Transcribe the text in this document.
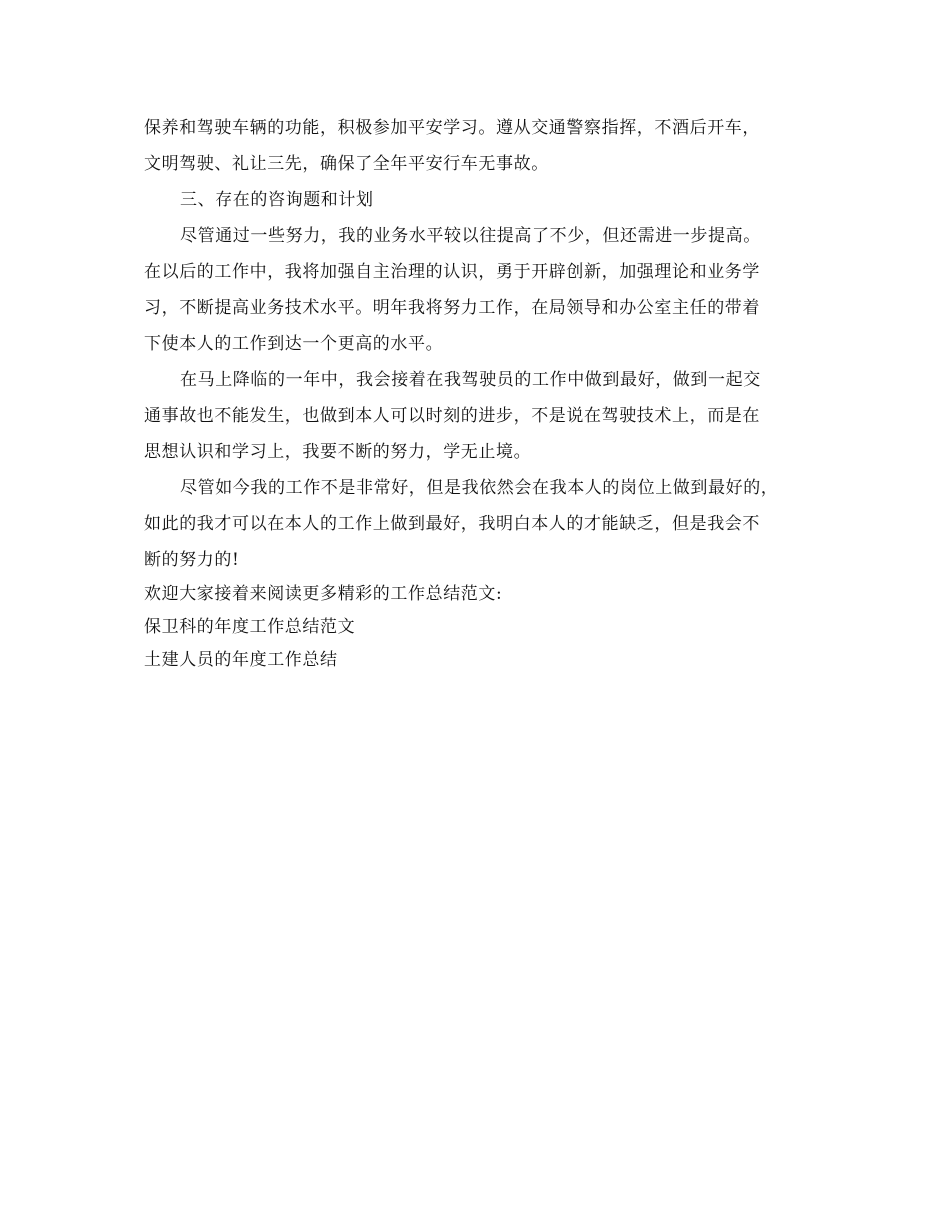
保养和驾驶车辆的功能，积极参加平安学习。遵从交通警察指挥，不酒后开车，
文明驾驶、礼让三先，确保了全年平安行车无事故。
三、存在的咨询题和计划
尽管通过一些努力，我的业务水平较以往提高了不少，但还需进一步提高。
在以后的工作中，我将加强自主治理的认识，勇于开辟创新，加强理论和业务学
习，不断提高业务技术水平。明年我将努力工作，在局领导和办公室主任的带着
下使本人的工作到达一个更高的水平。
在马上降临的一年中，我会接着在我驾驶员的工作中做到最好，做到一起交
通事故也不能发生，也做到本人可以时刻的进步，不是说在驾驶技术上，而是在
思想认识和学习上，我要不断的努力，学无止境。
尽管如今我的工作不是非常好，但是我依然会在我本人的岗位上做到最好的，
如此的我才可以在本人的工作上做到最好，我明白本人的才能缺乏，但是我会不
断的努力的!
欢迎大家接着来阅读更多精彩的工作总结范文:
保卫科的年度工作总结范文
土建人员的年度工作总结
